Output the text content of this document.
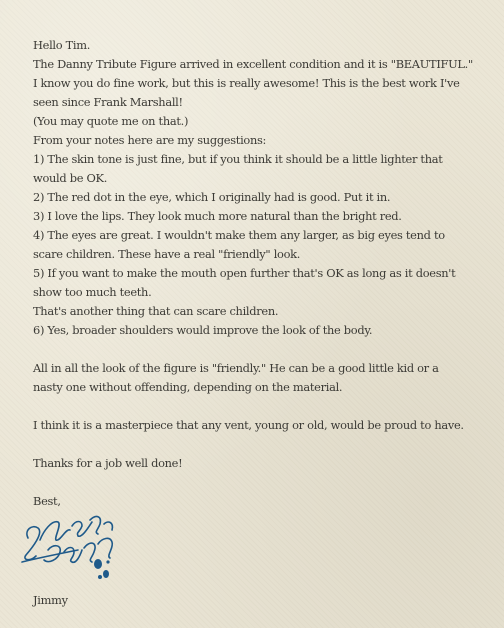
Hello Tim.
The Danny Tribute Figure arrived in excellent condition and it is "BEAUTIFUL."
I know you do fine work, but this is really awesome! This is the best work I've
seen since Frank Marshall!
(You may quote me on that.)
From your notes here are my suggestions:
1) The skin tone is just fine, but if you think it should be a little lighter that
would be OK.
2) The red dot in the eye, which I originally had is good. Put it in.
3) I love the lips. They look much more natural than the bright red.
4) The eyes are great. I wouldn't make them any larger, as big eyes tend to
scare children. These have a real "friendly" look.
5) If you want to make the mouth open further that's OK as long as it doesn't
show too much teeth.
That's another thing that can scare children.
6) Yes, broader shoulders would improve the look of the body.
All in all the look of the figure is "friendly." He can be a good little kid or a
nasty one without offending, depending on the material.
I think it is a masterpiece that any vent, young or old, would be proud to have.
Thanks for a job well done!
Best,
Jimmy
